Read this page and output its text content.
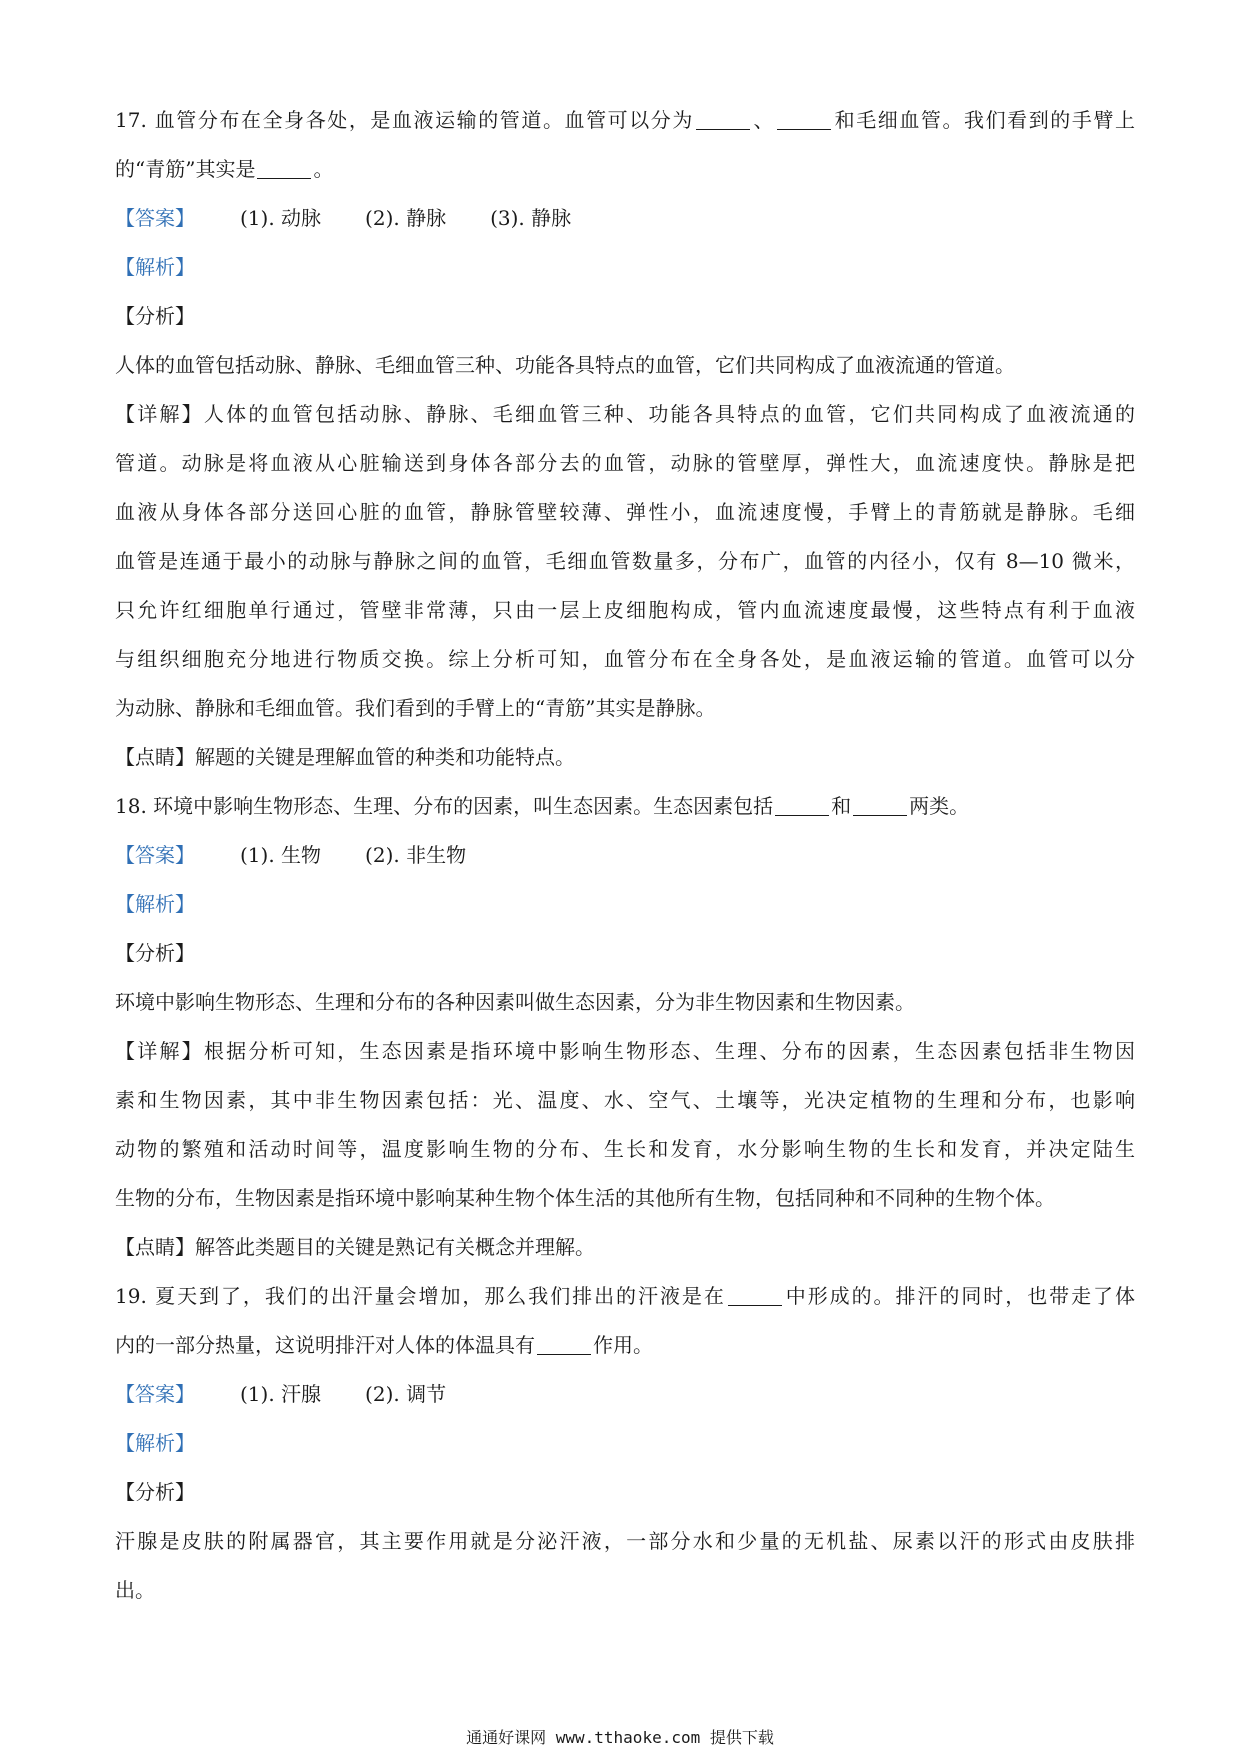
17. 血管分布在全身各处，是血液运输的管道。血管可以分为	、	和毛细血管。我们看到的手臂上
的“青筋”其实是	。
【答案】 (1). 动脉 (2). 静脉 (3). 静脉
【解析】
【分析】
人体的血管包括动脉、静脉、毛细血管三种、功能各具特点的血管，它们共同构成了血液流通的管道。
【详解】人体的血管包括动脉、静脉、毛细血管三种、功能各具特点的血管，它们共同构成了血液流通的
管道。动脉是将血液从心脏输送到身体各部分去的血管，动脉的管壁厚，弹性大，血流速度快。静脉是把
血液从身体各部分送回心脏的血管，静脉管壁较薄、弹性小，血流速度慢，手臂上的青筋就是静脉。毛细
血管是连通于最小的动脉与静脉之间的血管，毛细血管数量多，分布广，血管的内径小，仅有 8—10 微米，
只允许红细胞单行通过，管壁非常薄，只由一层上皮细胞构成，管内血流速度最慢，这些特点有利于血液
与组织细胞充分地进行物质交换。综上分析可知，血管分布在全身各处，是血液运输的管道。血管可以分
为动脉、静脉和毛细血管。我们看到的手臂上的“青筋”其实是静脉。
【点睛】解题的关键是理解血管的种类和功能特点。
18. 环境中影响生物形态、生理、分布的因素，叫生态因素。生态因素包括	和	两类。
【答案】 (1). 生物 (2). 非生物
【解析】
【分析】
环境中影响生物形态、生理和分布的各种因素叫做生态因素，分为非生物因素和生物因素。
【详解】根据分析可知，生态因素是指环境中影响生物形态、生理、分布的因素，生态因素包括非生物因
素和生物因素，其中非生物因素包括：光、温度、水、空气、土壤等，光决定植物的生理和分布，也影响
动物的繁殖和活动时间等，温度影响生物的分布、生长和发育，水分影响生物的生长和发育，并决定陆生
生物的分布，生物因素是指环境中影响某种生物个体生活的其他所有生物，包括同种和不同种的生物个体。
【点睛】解答此类题目的关键是熟记有关概念并理解。
19. 夏天到了，我们的出汗量会增加，那么我们排出的汗液是在	中形成的。排汗的同时，也带走了体
内的一部分热量，这说明排汗对人体的体温具有	作用。
【答案】 (1). 汗腺 (2). 调节
【解析】
【分析】
汗腺是皮肤的附属器官，其主要作用就是分泌汗液，一部分水和少量的无机盐、尿素以汗的形式由皮肤排
出。
通通好课网 www.tthaoke.com 提供下载
